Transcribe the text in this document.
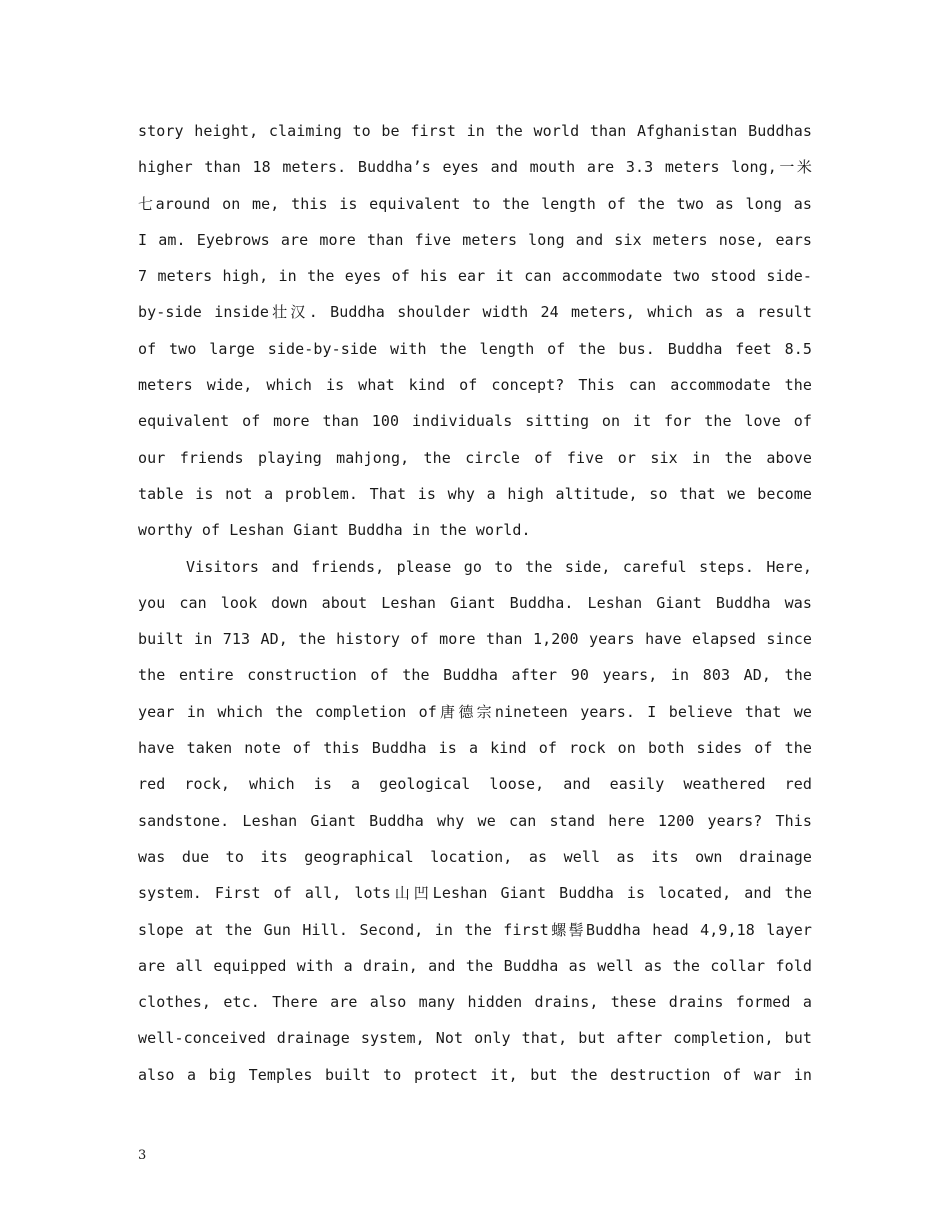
story height, claiming to be first in the world than Afghanistan Buddhas
higher than 18 meters. Buddha’s eyes and mouth are 3.3 meters long,一米
七around on me, this is equivalent to the length of the two as long as
I am. Eyebrows are more than five meters long and six meters nose, ears
7 meters high, in the eyes of his ear it can accommodate two stood side-
by-side inside壮汉. Buddha shoulder width 24 meters, which as a result
of two large side-by-side with the length of the bus. Buddha feet 8.5
meters wide, which is what kind of concept? This can accommodate the
equivalent of more than 100 individuals sitting on it for the love of
our friends playing mahjong, the circle of five or six in the above
table is not a problem. That is why a high altitude, so that we become
worthy of Leshan Giant Buddha in the world.
Visitors and friends, please go to the side, careful steps. Here,
you can look down about Leshan Giant Buddha. Leshan Giant Buddha was
built in 713 AD, the history of more than 1,200 years have elapsed since
the entire construction of the Buddha after 90 years, in 803 AD, the
year in which the completion of唐德宗nineteen years. I believe that we
have taken note of this Buddha is a kind of rock on both sides of the
red rock, which is a geological loose, and easily weathered red
sandstone. Leshan Giant Buddha why we can stand here 1200 years? This
was due to its geographical location, as well as its own drainage
system. First of all, lots山凹Leshan Giant Buddha is located, and the
slope at the Gun Hill. Second, in the first螺髻Buddha head 4,9,18 layer
are all equipped with a drain, and the Buddha as well as the collar fold
clothes, etc. There are also many hidden drains, these drains formed a
well-conceived drainage system, Not only that, but after completion, but
also a big Temples built to protect it, but the destruction of war in
3
